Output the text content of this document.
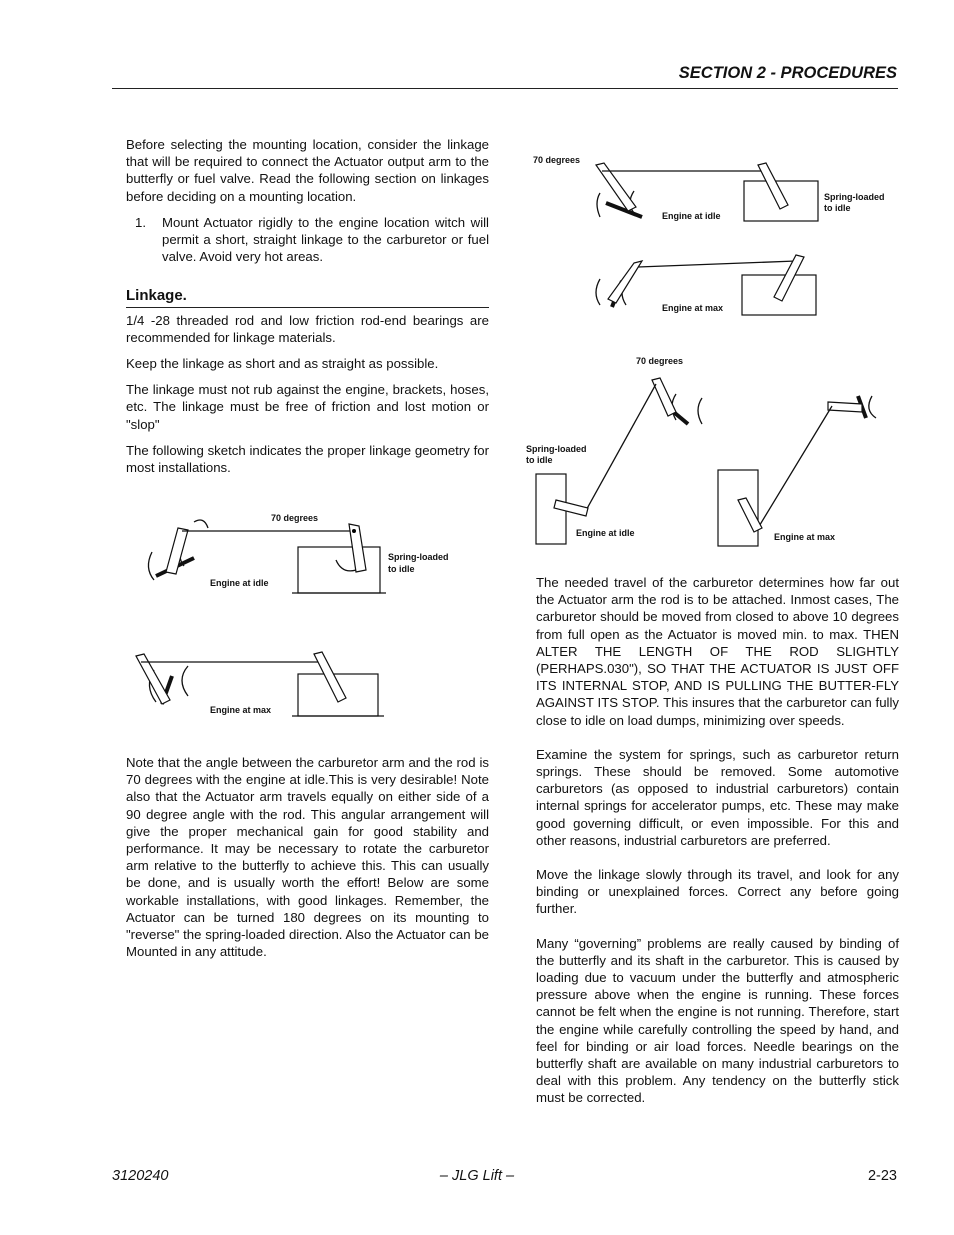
SECTION 2 - PROCEDURES

Before selecting the mounting location, consider the linkage that will be required to connect the Actuator output arm to the butterfly or fuel valve. Read the following section on linkages before deciding on a mounting location.

1.	Mount Actuator rigidly to the engine location witch will permit a short, straight linkage to the carburetor or fuel valve. Avoid very hot areas.
Linkage.

1/4 -28 threaded rod and low friction rod-end bearings are recommended for linkage materials.

Keep the linkage as short and as straight as possible.

The linkage must not rub against the engine, brackets, hoses, etc. The linkage must be free of friction and lost motion or "slop"

The following sketch indicates the proper linkage geometry for most installations.

70 degrees
Engine at idle
Spring-loaded
to idle
Engine at max

Note that the angle between the carburetor arm and the rod is 70 degrees with the engine at idle.This is very desirable! Note also that the Actuator arm travels equally on either side of a 90 degree angle with the rod. This angular arrangement will give the proper mechanical gain for good stability and performance. It may be necessary to rotate the carburetor arm relative to the butterfly to achieve this. This can usually be done, and is usually worth the effort! Below are some workable installations, with good linkages. Remember, the Actuator can be turned 180 degrees on its mounting to "reverse" the spring-loaded direction. Also the Actuator can be Mounted in any attitude.

70 degrees
Engine at idle
Spring-loaded
to idle
Engine at max
70 degrees
Spring-loaded
to idle
Engine at idle	Engine at max

The needed travel of the carburetor determines how far out the Actuator arm the rod is to be attached. Inmost cases, The carburetor should be moved from closed to above 10 degrees from full open as the Actuator is moved min. to max. THEN ALTER THE LENGTH OF THE ROD SLIGHTLY (PERHAPS.030"), SO THAT THE ACTUATOR IS JUST OFF ITS INTERNAL STOP, AND IS PULLING THE BUTTER-FLY AGAINST ITS STOP. This insures that the carburetor can fully close to idle on load dumps, minimizing over speeds.

Examine the system for springs, such as carburetor return springs. These should be removed. Some automotive carburetors (as opposed to industrial carburetors) contain internal springs for accelerator pumps, etc. These may make good governing difficult, or even impossible. For this and other reasons, industrial carburetors are preferred.

Move the linkage slowly through its travel, and look for any binding or unexplained forces. Correct any before going further.

Many “governing” problems are really caused by binding of the butterfly and its shaft in the carburetor. This is caused by loading due to vacuum under the butterfly and atmospheric pressure above when the engine is running. These forces cannot be felt when the engine is not running. Therefore, start the engine while carefully controlling the speed by hand, and feel for binding or air load forces. Needle bearings on the butterfly shaft are available on many industrial carburetors to deal with this problem. Any tendency on the butterfly stick must be corrected.

– JLG Lift –
3120240	2-23
